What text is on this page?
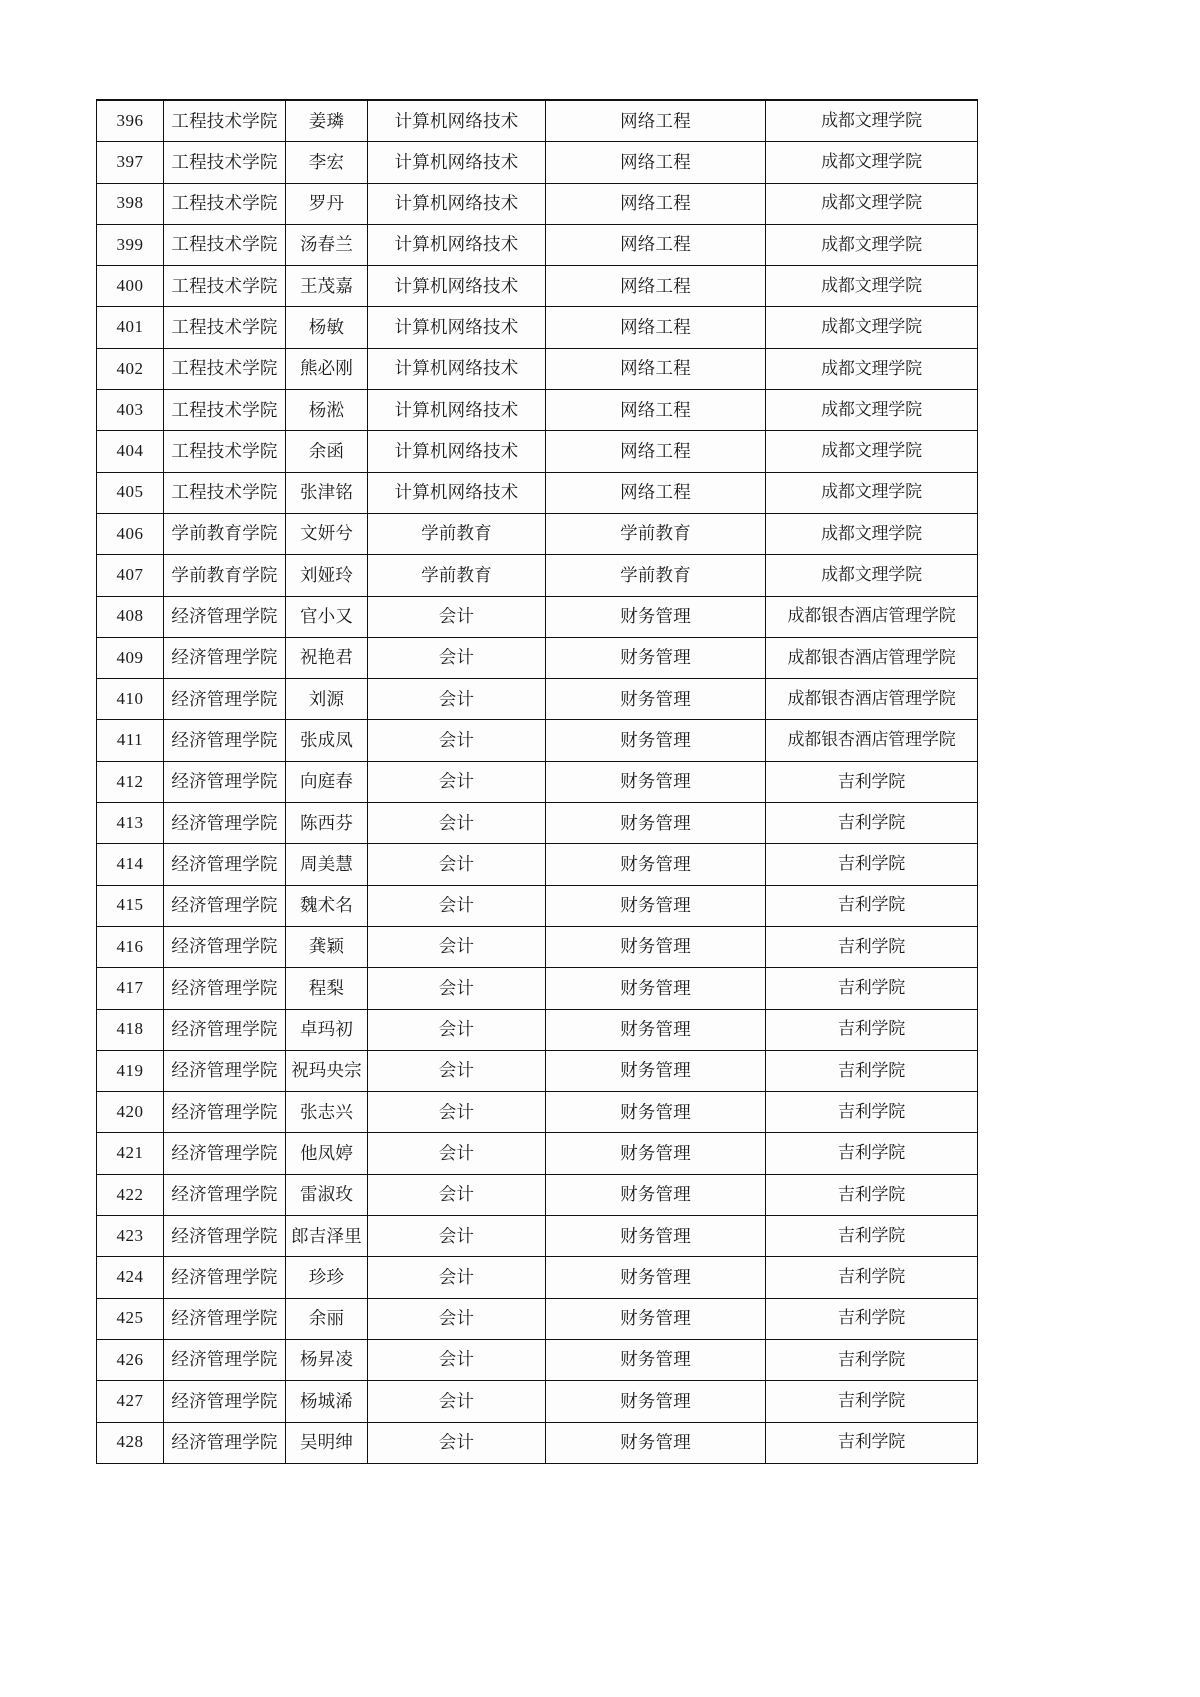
396	工程技术学院	姜璘	计算机网络技术	网络工程	成都文理学院
397	工程技术学院	李宏	计算机网络技术	网络工程	成都文理学院
398	工程技术学院	罗丹	计算机网络技术	网络工程	成都文理学院
399	工程技术学院	汤春兰	计算机网络技术	网络工程	成都文理学院
400	工程技术学院	王茂嘉	计算机网络技术	网络工程	成都文理学院
401	工程技术学院	杨敏	计算机网络技术	网络工程	成都文理学院
402	工程技术学院	熊必刚	计算机网络技术	网络工程	成都文理学院
403	工程技术学院	杨淞	计算机网络技术	网络工程	成都文理学院
404	工程技术学院	余函	计算机网络技术	网络工程	成都文理学院
405	工程技术学院	张津铭	计算机网络技术	网络工程	成都文理学院
406	学前教育学院	文妍兮	学前教育	学前教育	成都文理学院
407	学前教育学院	刘娅玲	学前教育	学前教育	成都文理学院
408	经济管理学院	官小又	会计	财务管理	成都银杏酒店管理学院
409	经济管理学院	祝艳君	会计	财务管理	成都银杏酒店管理学院
410	经济管理学院	刘源	会计	财务管理	成都银杏酒店管理学院
411	经济管理学院	张成凤	会计	财务管理	成都银杏酒店管理学院
412	经济管理学院	向庭春	会计	财务管理	吉利学院
413	经济管理学院	陈西芬	会计	财务管理	吉利学院
414	经济管理学院	周美慧	会计	财务管理	吉利学院
415	经济管理学院	魏术名	会计	财务管理	吉利学院
416	经济管理学院	龚颖	会计	财务管理	吉利学院
417	经济管理学院	程梨	会计	财务管理	吉利学院
418	经济管理学院	卓玛初	会计	财务管理	吉利学院
419	经济管理学院	祝玛央宗	会计	财务管理	吉利学院
420	经济管理学院	张志兴	会计	财务管理	吉利学院
421	经济管理学院	他凤婷	会计	财务管理	吉利学院
422	经济管理学院	雷淑玫	会计	财务管理	吉利学院
423	经济管理学院	郎吉泽里	会计	财务管理	吉利学院
424	经济管理学院	珍珍	会计	财务管理	吉利学院
425	经济管理学院	余丽	会计	财务管理	吉利学院
426	经济管理学院	杨昇凌	会计	财务管理	吉利学院
427	经济管理学院	杨城浠	会计	财务管理	吉利学院
428	经济管理学院	吴明绅	会计	财务管理	吉利学院
